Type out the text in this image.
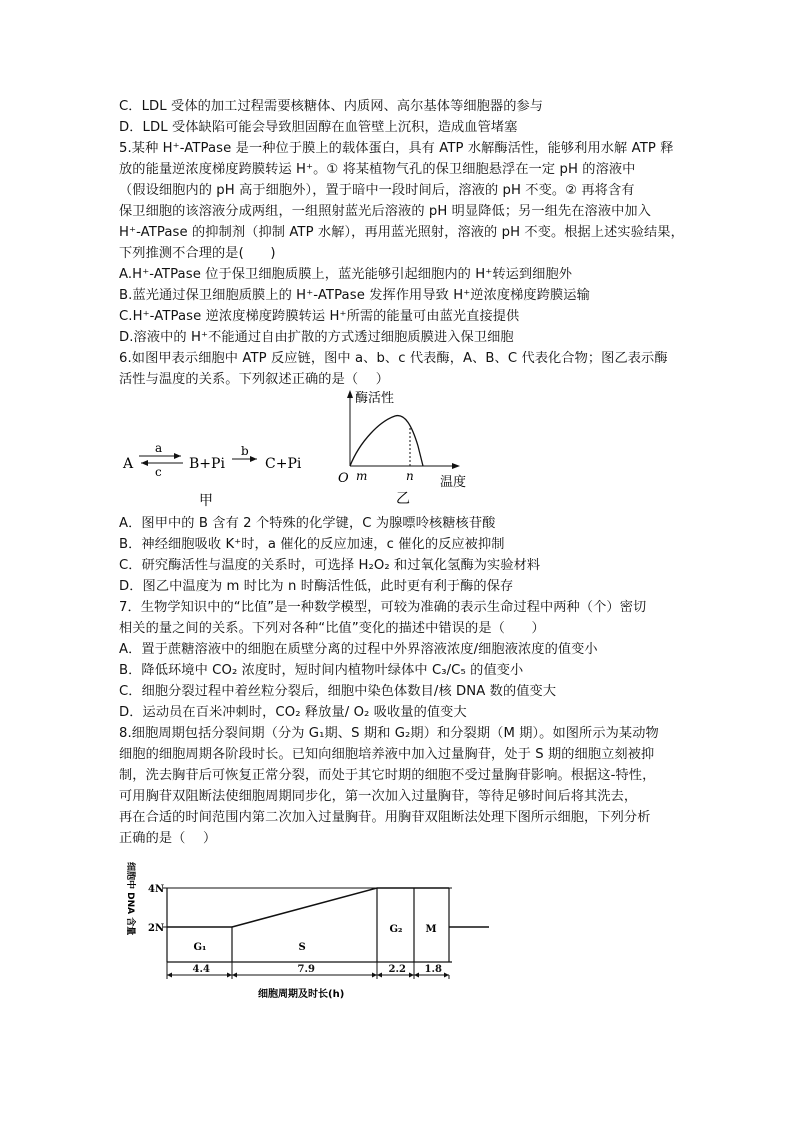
C．LDL 受体的加工过程需要核糖体、内质网、高尔基体等细胞器的参与
D．LDL 受体缺陷可能会导致胆固醇在血管壁上沉积，造成血管堵塞
5.某种 H⁺-ATPase 是一种位于膜上的载体蛋白，具有 ATP 水解酶活性，能够利用水解 ATP 释
放的能量逆浓度梯度跨膜转运 H⁺。① 将某植物气孔的保卫细胞悬浮在一定 pH 的溶液中
（假设细胞内的 pH 高于细胞外），置于暗中一段时间后，溶液的 pH 不变。② 再将含有
保卫细胞的该溶液分成两组，一组照射蓝光后溶液的 pH 明显降低；另一组先在溶液中加入
H⁺-ATPase 的抑制剂（抑制 ATP 水解），再用蓝光照射，溶液的 pH 不变。根据上述实验结果，
下列推测不合理的是(　　)
A.H⁺-ATPase 位于保卫细胞质膜上，蓝光能够引起细胞内的 H⁺转运到细胞外
B.蓝光通过保卫细胞质膜上的 H⁺-ATPase 发挥作用导致 H⁺逆浓度梯度跨膜运输
C.H⁺-ATPase 逆浓度梯度跨膜转运 H⁺所需的能量可由蓝光直接提供
D.溶液中的 H⁺不能通过自由扩散的方式透过细胞质膜进入保卫细胞
6.如图甲表示细胞中 ATP 反应链，图中 a、b、c 代表酶，A、B、C 代表化合物；图乙表示酶
活性与温度的关系。下列叙述正确的是（　 ）
A
a
c B+Pi
b
C+Pi
甲
酶活性
温度
O m	n
乙
A．图甲中的 B 含有 2 个特殊的化学键，C 为腺嘌呤核糖核苷酸
B．神经细胞吸收 K⁺时，a 催化的反应加速，c 催化的反应被抑制
C．研究酶活性与温度的关系时，可选择 H₂O₂ 和过氧化氢酶为实验材料
D．图乙中温度为 m 时比为 n 时酶活性低，此时更有利于酶的保存
7．生物学知识中的“比值”是一种数学模型，可较为准确的表示生命过程中两种（个）密切
相关的量之间的关系。下列对各种“比值”变化的描述中错误的是（　　）
A．置于蔗糖溶液中的细胞在质壁分离的过程中外界溶液浓度/细胞液浓度的值变小
B．降低环境中 CO₂ 浓度时，短时间内植物叶绿体中 C₃/C₅ 的值变小
C．细胞分裂过程中着丝粒分裂后，细胞中染色体数目/核 DNA 数的值变大
D．运动员在百米冲刺时，CO₂ 释放量/ O₂ 吸收量的值变大
8.细胞周期包括分裂间期（分为 G₁期、S 期和 G₂期）和分裂期（M 期）。如图所示为某动物
细胞的细胞周期各阶段时长。已知向细胞培养液中加入过量胸苷，处于 S 期的细胞立刻被抑
制，洗去胸苷后可恢复正常分裂，而处于其它时期的细胞不受过量胸苷影响。根据这-特性，
可用胸苷双阻断法使细胞周期同步化，第一次加入过量胸苷，等待足够时间后将其洗去，
再在合适的时间范围内第二次加入过量胸苷。用胸苷双阻断法处理下图所示细胞，下列分析
正确的是（　 ）
细胞中 DNA 含量 4N
2N
G₁
4.4
S
7.9
G₂
2.2
M
1.8
细胞周期及时长(h)
